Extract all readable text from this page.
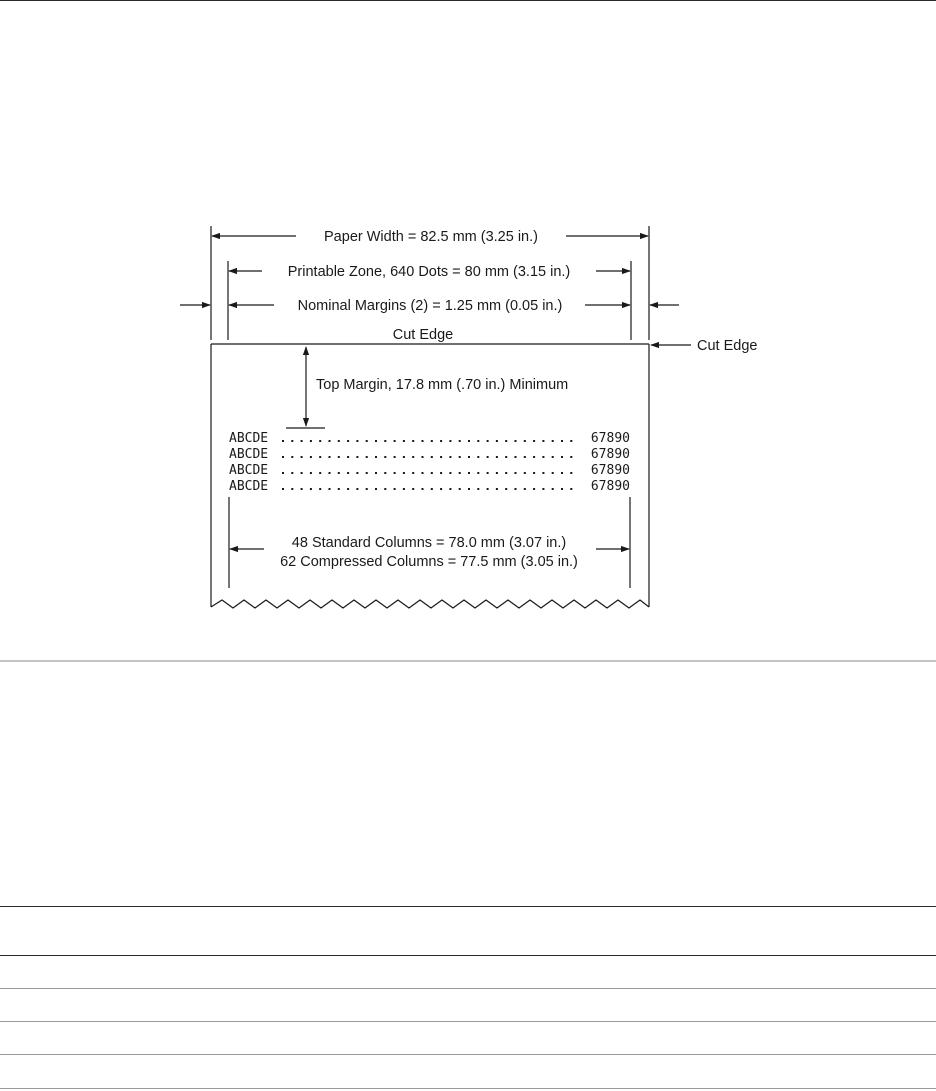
Paper Width = 82.5 mm (3.25 in.)
Printable Zone, 640 Dots = 80 mm (3.15 in.)
Nominal Margins (2) = 1.25 mm (0.05 in.)
Cut Edge
Cut Edge
Top Margin, 17.8 mm (.70 in.) Minimum
48 Standard Columns = 78.0 mm (3.07 in.)
62 Compressed Columns = 77.5 mm (3.05 in.)
ABCDE	67890
ABCDE	67890
ABCDE	67890
ABCDE	67890
